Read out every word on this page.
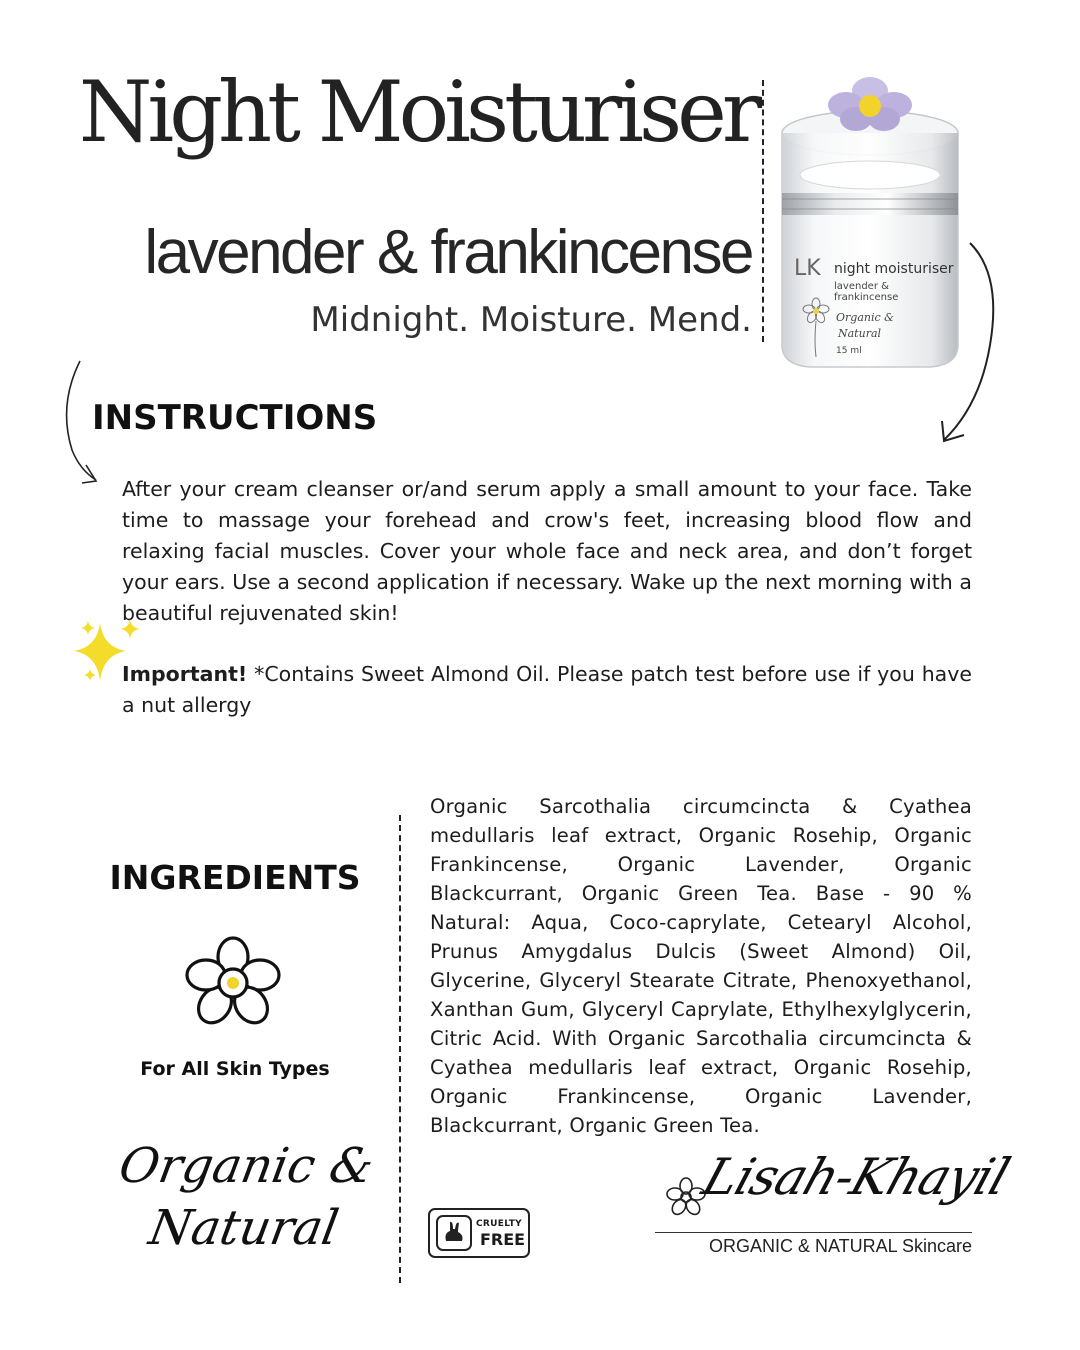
Night Moisturiser
lavender & frankincense
Midnight. Moisture. Mend.
LK night moisturiser
lavender &
frankincense
Organic &
Natural
15 ml
INSTRUCTIONS
After your cream cleanser or/and serum apply a small amount to your face. Take time to massage your forehead and crow's feet, increasing blood flow and relaxing facial muscles. Cover your whole face and neck area, and don’t forget your ears. Use a second application if necessary. Wake up the next morning with a beautiful rejuvenated skin!
Important! *Contains Sweet Almond Oil. Please patch test before use if you have a nut allergy
INGREDIENTS
For All Skin Types
Organic &
Natural
Organic Sarcothalia circumcincta & Cyathea medullaris leaf extract, Organic Rosehip, Organic Frankincense, Organic Lavender, Organic Blackcurrant, Organic Green Tea. Base - 90 % Natural: Aqua, Coco-caprylate, Cetearyl Alcohol, Prunus Amygdalus Dulcis (Sweet Almond) Oil, Glycerine, Glyceryl Stearate Citrate, Phenoxyethanol, Xanthan Gum, Glyceryl Caprylate, Ethylhexylglycerin, Citric Acid. With Organic Sarcothalia circumcincta & Cyathea medullaris leaf extract, Organic Rosehip, Organic Frankincense, Organic Lavender, Blackcurrant, Organic Green Tea.
CRUELTY
FREE
Lisah-Khayil
ORGANIC & NATURAL Skincare
